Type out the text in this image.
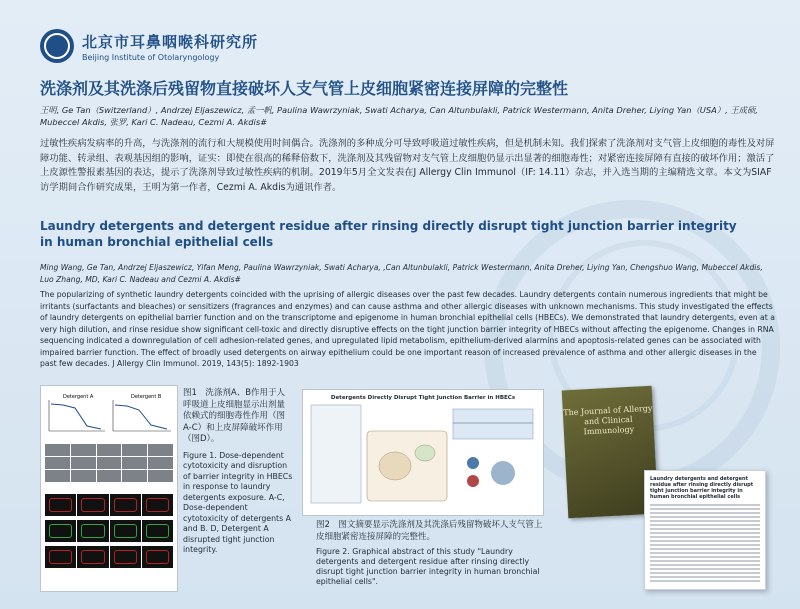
北京市耳鼻咽喉科研究所
Beijing Institute of Otolaryngology
洗涤剂及其洗涤后残留物直接破坏人支气管上皮细胞紧密连接屏障的完整性
王明, Ge Tan（Switzerland）, Andrzej Eljaszewicz, 孟一帆, Paulina Wawrzyniak, Swati Acharya, Can Altunbulakli, Patrick Westermann, Anita Dreher, Liying Yan（USA）, 王成硕, Mubeccel Akdis, 张罗, Kari C. Nadeau, Cezmi A. Akdis#
过敏性疾病发病率的升高，与洗涤剂的流行和大规模使用时间偶合。洗涤剂的多种成分可导致呼吸道过敏性疾病，但是机制未知。我们探索了洗涤剂对支气管上皮细胞的毒性及对屏障功能、转录组、表观基因组的影响，证实：即使在很高的稀释倍数下，洗涤剂及其残留物对支气管上皮细胞仍显示出显著的细胞毒性；对紧密连接屏障有直接的破坏作用；激活了上皮源性警报素基因的表达，提示了洗涤剂导致过敏性疾病的机制。2019年5月全文发表在J Allergy Clin Immunol（IF: 14.11）杂志，并入选当期的主编精选文章。本文为SIAF访学期间合作研究成果，王明为第一作者，Cezmi A. Akdis为通讯作者。
Laundry detergents and detergent residue after rinsing directly disrupt tight junction barrier integrity in human bronchial epithelial cells
Ming Wang, Ge Tan, Andrzej Eljaszewicz, Yifan Meng, Paulina Wawrzyniak, Swati Acharya, ,Can Altunbulakli, Patrick Westermann, Anita Dreher, Liying Yan, Chengshuo Wang, Mubeccel Akdis, Luo Zhang, MD, Kari C. Nadeau and Cezmi A. Akdis#
The popularizing of synthetic laundry detergents coincided with the uprising of allergic diseases over the past few decades. Laundry detergents contain numerous ingredients that might be irritants (surfactants and bleaches) or sensitizers (fragrances and enzymes) and can cause asthma and other allergic diseases with unknown mechanisms. This study investigated the effects of laundry detergents on epithelial barrier function and on the transcriptome and epigenome in human bronchial epithelial cells (HBECs). We demonstrated that laundry detergents, even at a very high dilution, and rinse residue show significant cell-toxic and directly disruptive effects on the tight junction barrier integrity of HBECs without affecting the epigenome. Changes in RNA sequencing indicated a downregulation of cell adhesion-related genes, and upregulated lipid metabolism, epithelium-derived alarmins and apoptosis-related genes can be associated with impaired barrier function. The effect of broadly used detergents on airway epithelium could be one important reason of increased prevalence of asthma and other allergic diseases in the past few decades. J Allergy Clin Immunol. 2019, 143(5): 1892-1903
Detergent A	Detergent B	图1　洗涤剂A、B作用于人呼吸道上皮细胞显示出剂量依赖式的细胞毒性作用（图A-C）和上皮屏障破坏作用（图D）。
Figure 1. Dose-dependent cytotoxicity and disruption of barrier integrity in HBECs in response to laundry detergents exposure. A-C, Dose-dependent cytotoxicity of detergents A and B. D, Detergent A disrupted tight junction integrity.
Detergents Directly Disrupt Tight Junction Barrier in HBECs
图2　图文摘要显示洗涤剂及其洗涤后残留物破坏人支气管上皮细胞紧密连接屏障的完整性。
Figure 2. Graphical abstract of this study "Laundry detergents and detergent residue after rinsing directly disrupt tight junction barrier integrity in human bronchial epithelial cells".
The Journal of Allergy and Clinical Immunology
Laundry detergents and detergent residue after rinsing directly disrupt tight junction barrier integrity in human bronchial epithelial cells
